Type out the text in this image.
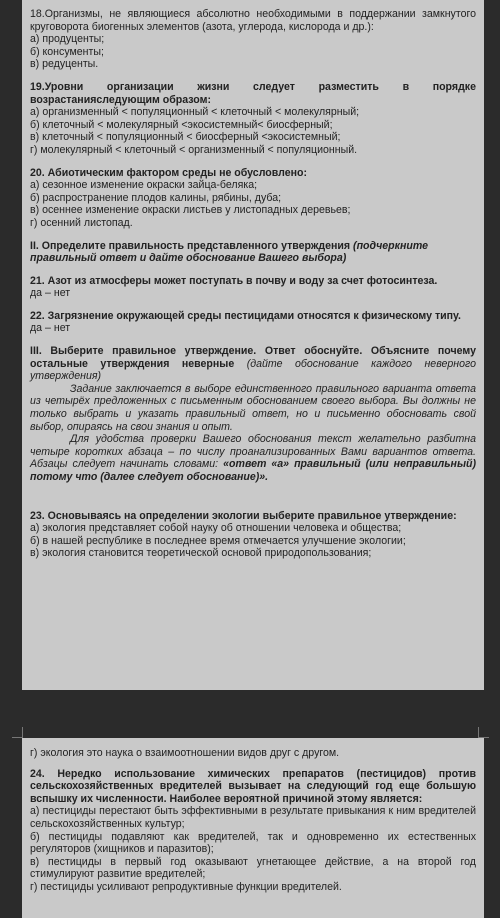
18.Организмы, не являющиеся абсолютно необходимыми в поддержании замкнутого круговорота биогенных элементов (азота, углерода, кислорода и др.):

а) продуценты;

б) консументы;

в) редуценты.

19.Уровни организации жизни следует разместить в порядке возрастанияследующим образом:

а) организменный < популяционный < клеточный < молекулярный;

б) клеточный < молекулярный <экосистемный< биосферный;

в) клеточный < популяционный < биосферный <экосистемный;

г) молекулярный < клеточный < организменный < популяционный.

20. Абиотическим фактором среды не обусловлено:

а) сезонное изменение окраски зайца-беляка;

б) распространение плодов калины, рябины, дуба;

в) осеннее изменение окраски листьев у листопадных деревьев;

г) осенний листопад.

II. Определите правильность представленного утверждения (подчеркните правильный ответ и дайте обоснование Вашего выбора)

21. Азот из атмосферы может поступать в почву и воду за счет фотосинтеза.

да – нет

22. Загрязнение окружающей среды пестицидами относятся к физическому типу.

да – нет

III. Выберите правильное утверждение. Ответ обоснуйте. Объясните почему остальные утверждения неверные (дайте обоснование каждого неверного утверждения)

Задание заключается в выборе единственного правильного варианта ответа из четырёх предложенных с письменным обоснованием своего выбора. Вы должны не только выбрать и указать правильный ответ, но и письменно обосновать свой выбор, опираясь на свои знания и опыт.

Для удобства проверки Вашего обоснования текст желательно разбитна четыре коротких абзаца – по числу проанализированных Вами вариантов ответа. Абзацы следует начинать словами: «ответ «а» правильный (или неправильный) потому что (далее следует обоснование)».

23. Основываясь на определении экологии выберите правильное утверждение:

а) экология представляет собой науку об отношении человека и общества;

б) в нашей республике в последнее время отмечается улучшение экологии;

в) экология становится теоретической основой природопользования;

г) экология это наука о взаимоотношении видов друг с другом.

24. Нередко использование химических препаратов (пестицидов) против сельскохозяйственных вредителей вызывает на следующий год еще большую вспышку их численности. Наиболее вероятной причиной этому является:

а) пестициды перестают быть эффективными в результате привыкания к ним вредителей сельскохозяйственных культур;

б) пестициды подавляют как вредителей, так и одновременно их естественных регуляторов (хищников и паразитов);

в) пестициды в первый год оказывают угнетающее действие, а на второй год стимулируют развитие вредителей;

г) пестициды усиливают репродуктивные функции вредителей.
